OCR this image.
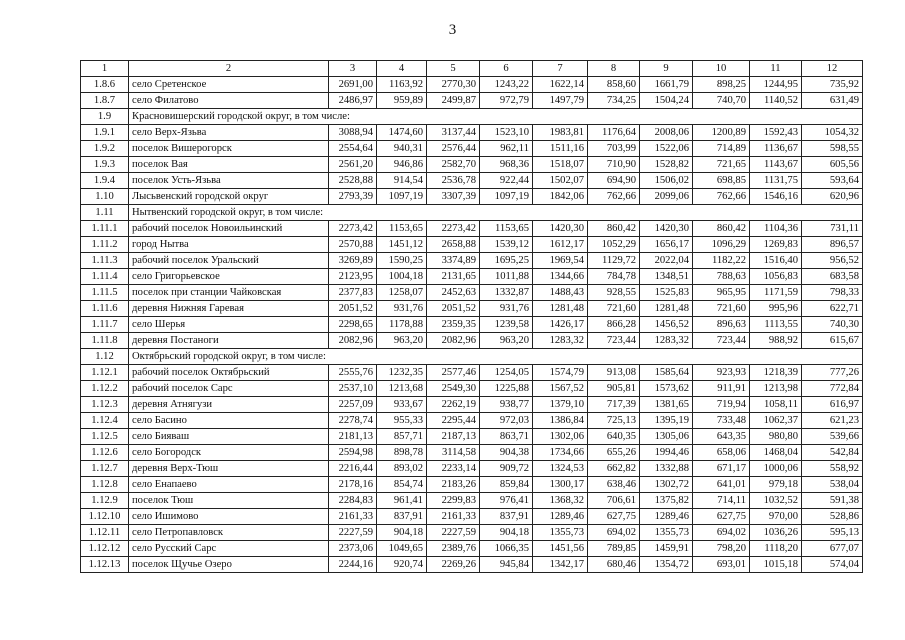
3
1	2	3	4	5	6	7	8	9	10	11	12
1.8.6	село Сретенское	2691,00	1163,92	2770,30	1243,22	1622,14	858,60	1661,79	898,25	1244,95	735,92
1.8.7	село Филатово	2486,97	959,89	2499,87	972,79	1497,79	734,25	1504,24	740,70	1140,52	631,49
1.9	Красновишерский городской округ, в том числе:										
1.9.1	село Верх-Язьва	3088,94	1474,60	3137,44	1523,10	1983,81	1176,64	2008,06	1200,89	1592,43	1054,32
1.9.2	поселок Вишерогорск	2554,64	940,31	2576,44	962,11	1511,16	703,99	1522,06	714,89	1136,67	598,55
1.9.3	поселок Вая	2561,20	946,86	2582,70	968,36	1518,07	710,90	1528,82	721,65	1143,67	605,56
1.9.4	поселок Усть-Язьва	2528,88	914,54	2536,78	922,44	1502,07	694,90	1506,02	698,85	1131,75	593,64
1.10	Лысьвенский городской округ	2793,39	1097,19	3307,39	1097,19	1842,06	762,66	2099,06	762,66	1546,16	620,96
1.11	Нытвенский городской округ, в том числе:										
1.11.1	рабочий поселок Новоильинский	2273,42	1153,65	2273,42	1153,65	1420,30	860,42	1420,30	860,42	1104,36	731,11
1.11.2	город Нытва	2570,88	1451,12	2658,88	1539,12	1612,17	1052,29	1656,17	1096,29	1269,83	896,57
1.11.3	рабочий поселок Уральский	3269,89	1590,25	3374,89	1695,25	1969,54	1129,72	2022,04	1182,22	1516,40	956,52
1.11.4	село Григорьевское	2123,95	1004,18	2131,65	1011,88	1344,66	784,78	1348,51	788,63	1056,83	683,58
1.11.5	поселок при станции Чайковская	2377,83	1258,07	2452,63	1332,87	1488,43	928,55	1525,83	965,95	1171,59	798,33
1.11.6	деревня Нижняя Гаревая	2051,52	931,76	2051,52	931,76	1281,48	721,60	1281,48	721,60	995,96	622,71
1.11.7	село Шерья	2298,65	1178,88	2359,35	1239,58	1426,17	866,28	1456,52	896,63	1113,55	740,30
1.11.8	деревня Постаноги	2082,96	963,20	2082,96	963,20	1283,32	723,44	1283,32	723,44	988,92	615,67
1.12	Октябрьский городской округ, в том числе:										
1.12.1	рабочий поселок Октябрьский	2555,76	1232,35	2577,46	1254,05	1574,79	913,08	1585,64	923,93	1218,39	777,26
1.12.2	рабочий поселок Сарс	2537,10	1213,68	2549,30	1225,88	1567,52	905,81	1573,62	911,91	1213,98	772,84
1.12.3	деревня Атнягузи	2257,09	933,67	2262,19	938,77	1379,10	717,39	1381,65	719,94	1058,11	616,97
1.12.4	село Басино	2278,74	955,33	2295,44	972,03	1386,84	725,13	1395,19	733,48	1062,37	621,23
1.12.5	село Бияваш	2181,13	857,71	2187,13	863,71	1302,06	640,35	1305,06	643,35	980,80	539,66
1.12.6	село Богородск	2594,98	898,78	3114,58	904,38	1734,66	655,26	1994,46	658,06	1468,04	542,84
1.12.7	деревня Верх-Тюш	2216,44	893,02	2233,14	909,72	1324,53	662,82	1332,88	671,17	1000,06	558,92
1.12.8	село Енапаево	2178,16	854,74	2183,26	859,84	1300,17	638,46	1302,72	641,01	979,18	538,04
1.12.9	поселок Тюш	2284,83	961,41	2299,83	976,41	1368,32	706,61	1375,82	714,11	1032,52	591,38
1.12.10	село Ишимово	2161,33	837,91	2161,33	837,91	1289,46	627,75	1289,46	627,75	970,00	528,86
1.12.11	село Петропавловск	2227,59	904,18	2227,59	904,18	1355,73	694,02	1355,73	694,02	1036,26	595,13
1.12.12	село Русский Сарс	2373,06	1049,65	2389,76	1066,35	1451,56	789,85	1459,91	798,20	1118,20	677,07
1.12.13	поселок Щучье Озеро	2244,16	920,74	2269,26	945,84	1342,17	680,46	1354,72	693,01	1015,18	574,04
